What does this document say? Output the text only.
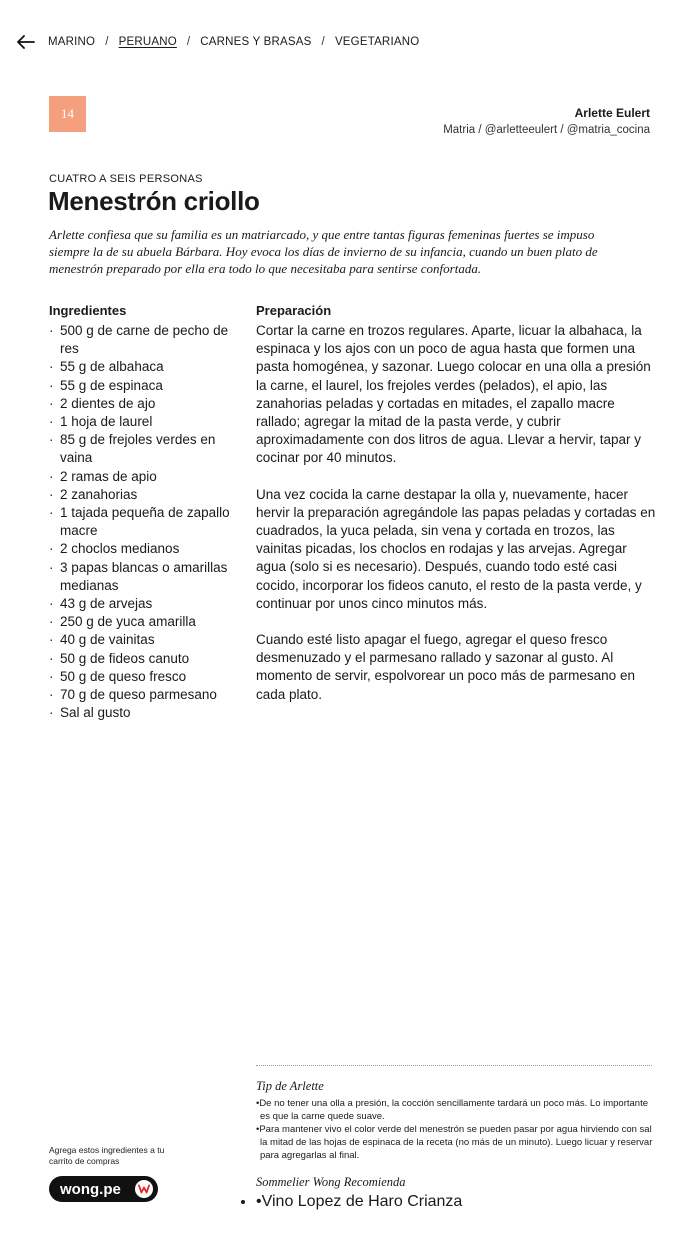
MARINO / PERUANO / CARNES Y BRASAS / VEGETARIANO
14	Arlette Eulert
Matria / @arletteeulert / @matria_cocina
CUATRO A SEIS PERSONAS
Menestrón criollo

Arlette confiesa que su familia es un matriarcado, y que entre tantas figuras femeninas fuertes se impuso siempre la de su abuela Bárbara. Hoy evoca los días de invierno de su infancia, cuando un buen plato de menestrón preparado por ella era todo lo que necesitaba para sentirse confortada.

Ingredientes
· 500 g de carne de pecho de res
· 55 g de albahaca
· 55 g de espinaca
· 2 dientes de ajo
· 1 hoja de laurel
· 85 g de frejoles verdes en vaina
· 2 ramas de apio
· 2 zanahorias
· 1 tajada pequeña de zapallo macre
· 2 choclos medianos
· 3 papas blancas o amarillas medianas
· 43 g de arvejas
· 250 g de yuca amarilla
· 40 g de vainitas
· 50 g de fideos canuto
· 50 g de queso fresco
· 70 g de queso parmesano
· Sal al gusto
Preparación

Cortar la carne en trozos regulares. Aparte, licuar la albahaca, la espinaca y los ajos con un poco de agua hasta que formen una pasta homogénea, y sazonar. Luego colocar en una olla a presión la carne, el laurel, los frejoles verdes (pelados), el apio, las zanahorias peladas y cortadas en mitades, el zapallo macre rallado; agregar la mitad de la pasta verde, y cubrir aproximadamente con dos litros de agua. Llevar a hervir, tapar y cocinar por 40 minutos.

Una vez cocida la carne destapar la olla y, nuevamente, hacer hervir la preparación agregándole las papas peladas y cortadas en cuadrados, la yuca pelada, sin vena y cortada en trozos, las vainitas picadas, los choclos en rodajas y las arvejas. Agregar agua (solo si es necesario). Después, cuando todo esté casi cocido, incorporar los fideos canuto, el resto de la pasta verde, y continuar por unos cinco minutos más.

Cuando esté listo apagar el fuego, agregar el queso fresco desmenuzado y el parmesano rallado y sazonar al gusto. Al momento de servir, espolvorear un poco más de parmesano en cada plato.

Tip de Arlette
•De no tener una olla a presión, la cocción sencillamente tardará un poco más. Lo importante es que la carne quede suave.
•Para mantener vivo el color verde del menestrón se pueden pasar por agua hirviendo con sal la mitad de las hojas de espinaca de la receta (no más de un minuto). Luego licuar y reservar para agregarlas al final.
Sommelier Wong Recomienda
• •Vino Lopez de Haro Crianza
Agrega estos ingredientes a tu carrito de compras
wong.pe
